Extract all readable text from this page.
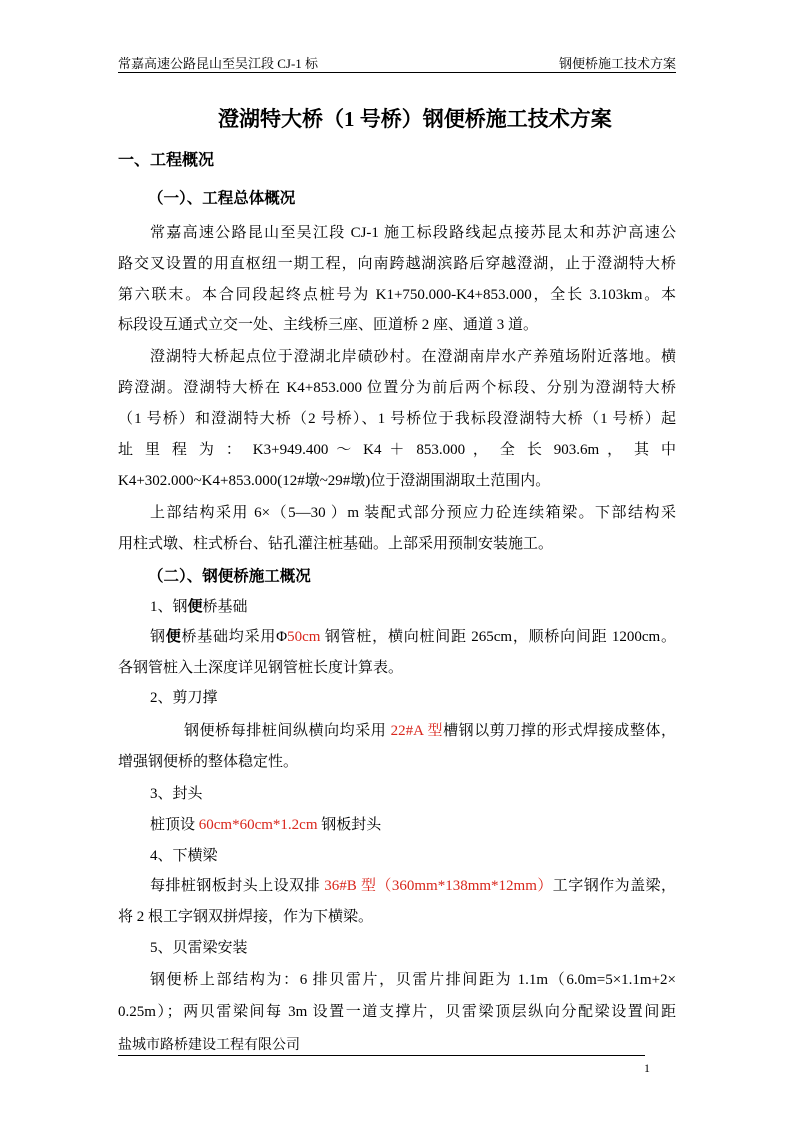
常嘉高速公路昆山至吴江段 CJ-1 标	钢便桥施工技术方案
澄湖特大桥（1 号桥）钢便桥施工技术方案
一、工程概况
（一）、工程总体概况
常嘉高速公路昆山至吴江段 CJ-1 施工标段路线起点接苏昆太和苏沪高速公
路交叉设置的用直枢纽一期工程，向南跨越湖滨路后穿越澄湖，止于澄湖特大桥
第六联末。本合同段起终点桩号为 K1+750.000-K4+853.000，全长 3.103km。本
标段设互通式立交一处、主线桥三座、匝道桥 2 座、通道 3 道。
澄湖特大桥起点位于澄湖北岸碛砂村。在澄湖南岸水产养殖场附近落地。横
跨澄湖。澄湖特大桥在 K4+853.000 位置分为前后两个标段、分别为澄湖特大桥
（1 号桥）和澄湖特大桥（2 号桥）、1 号桥位于我标段澄湖特大桥（1 号桥）起
址 里 程 为 ： K3+949.400 ～ K4 ＋ 853.000 ， 全 长 903.6m ， 其 中
K4+302.000~K4+853.000(12#墩~29#墩)位于澄湖围湖取土范围内。
上部结构采用 6×（5—30 ）m 装配式部分预应力砼连续箱梁。下部结构采
用柱式墩、柱式桥台、钻孔灌注桩基础。上部采用预制安装施工。
（二）、钢便桥施工概况
1、钢便桥基础
钢便桥基础均采用Φ50cm 钢管桩，横向桩间距 265cm，顺桥向间距 1200cm。
各钢管桩入土深度详见钢管桩长度计算表。
2、剪刀撑
钢便桥每排桩间纵横向均采用 22#A 型槽钢以剪刀撑的形式焊接成整体，
增强钢便桥的整体稳定性。
3、封头
桩顶设 60cm*60cm*1.2cm 钢板封头
4、下横梁
每排桩钢板封头上设双排 36#B 型（360mm*138mm*12mm）工字钢作为盖梁，
将 2 根工字钢双拼焊接，作为下横梁。
5、贝雷梁安装
钢便桥上部结构为：6 排贝雷片，贝雷片排间距为 1.1m（6.0m=5×1.1m+2×
0.25m）；两贝雷梁间每 3m 设置一道支撑片，贝雷梁顶层纵向分配梁设置间距
盐城市路桥建设工程有限公司
1
